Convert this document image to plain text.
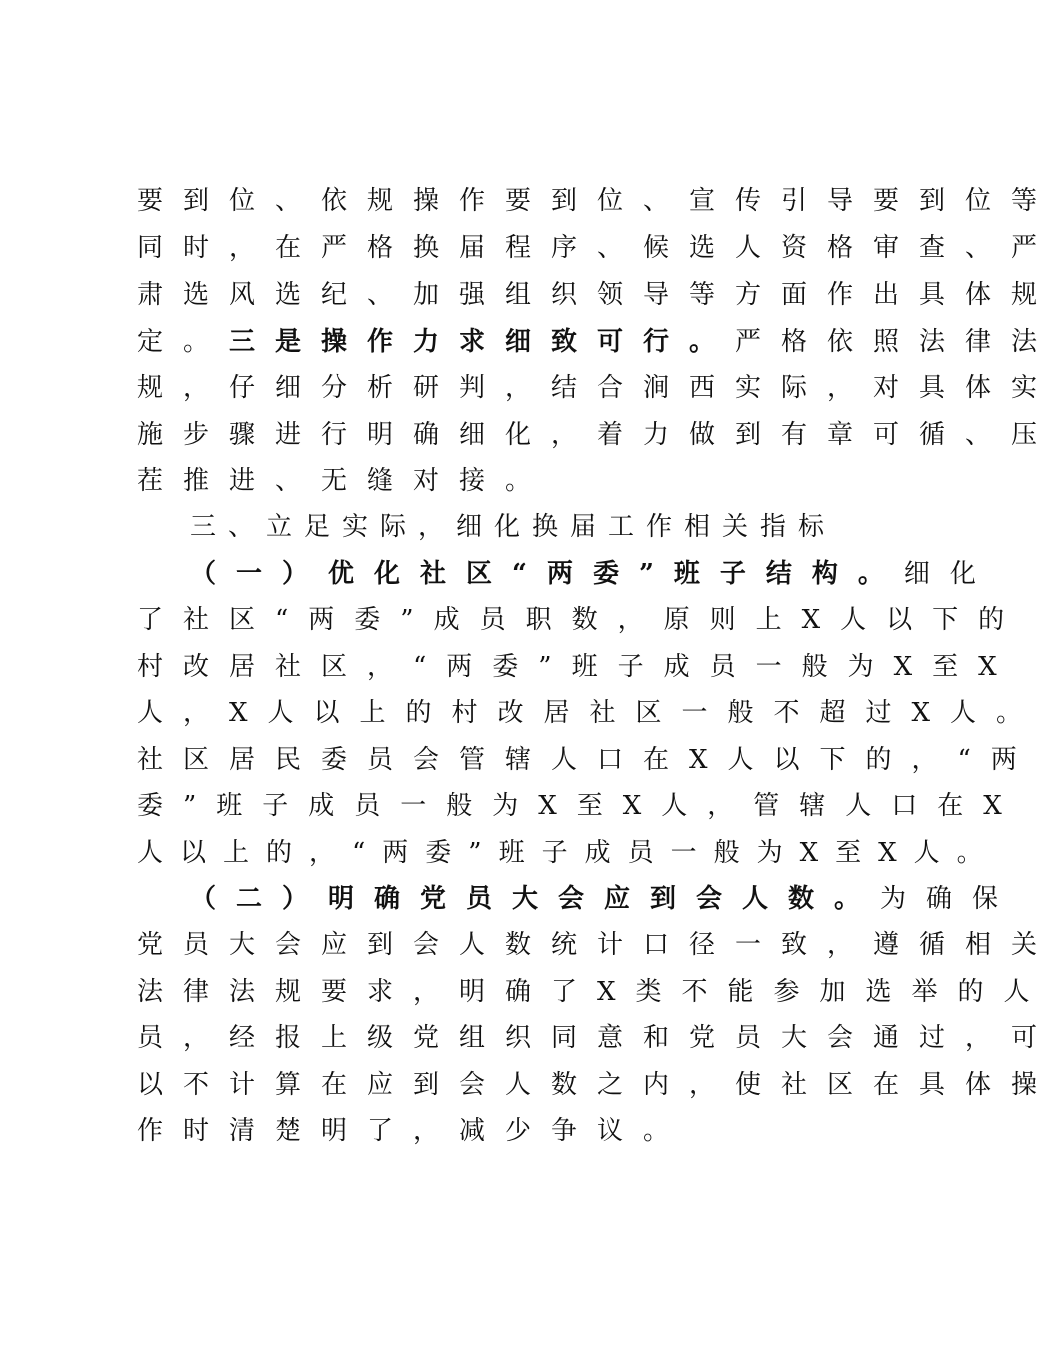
要到位、依规操作要到位、宣传引导要到位等
同时，在严格换届程序、候选人资格审查、严
肃选风选纪、加强组织领导等方面作出具体规
定。三是操作力求细致可行。严格依照法律法
规，仔细分析研判，结合涧西实际，对具体实
施步骤进行明确细化，着力做到有章可循、压
茬推进、无缝对接。
三、立足实际，细化换届工作相关指标
（一）优化社区“两委”班子结构。细化
了社区“两委”成员职数，原则上X人以下的
村改居社区，“两委”班子成员一般为X至X
人，X人以上的村改居社区一般不超过X人。
社区居民委员会管辖人口在X人以下的，“两
委”班子成员一般为X至X人，管辖人口在X
人以上的，“两委”班子成员一般为X至X人。
（二）明确党员大会应到会人数。为确保
党员大会应到会人数统计口径一致，遵循相关
法律法规要求，明确了X类不能参加选举的人
员，经报上级党组织同意和党员大会通过，可
以不计算在应到会人数之内，使社区在具体操
作时清楚明了，减少争议。
